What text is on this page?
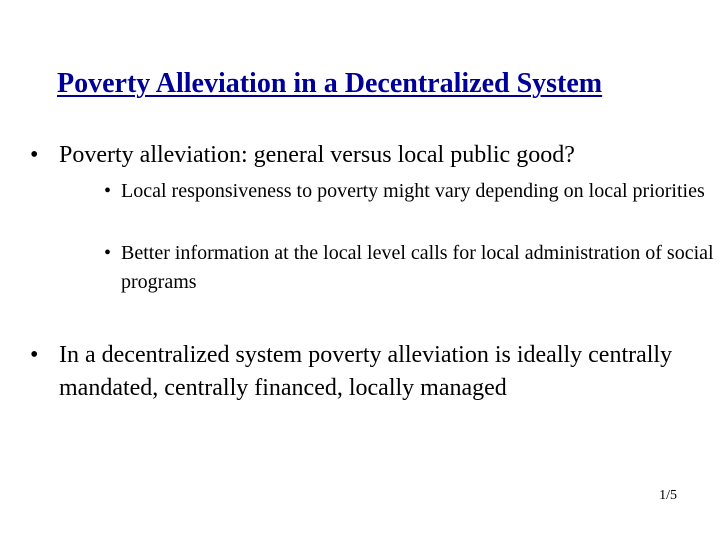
Poverty Alleviation in a Decentralized System
• Poverty alleviation: general versus local public good?
• Local responsiveness to poverty might vary depending on local priorities
• Better information at the local level calls for local administration of social programs
• In a decentralized system poverty alleviation is ideally centrally mandated, centrally financed, locally managed
1/5
